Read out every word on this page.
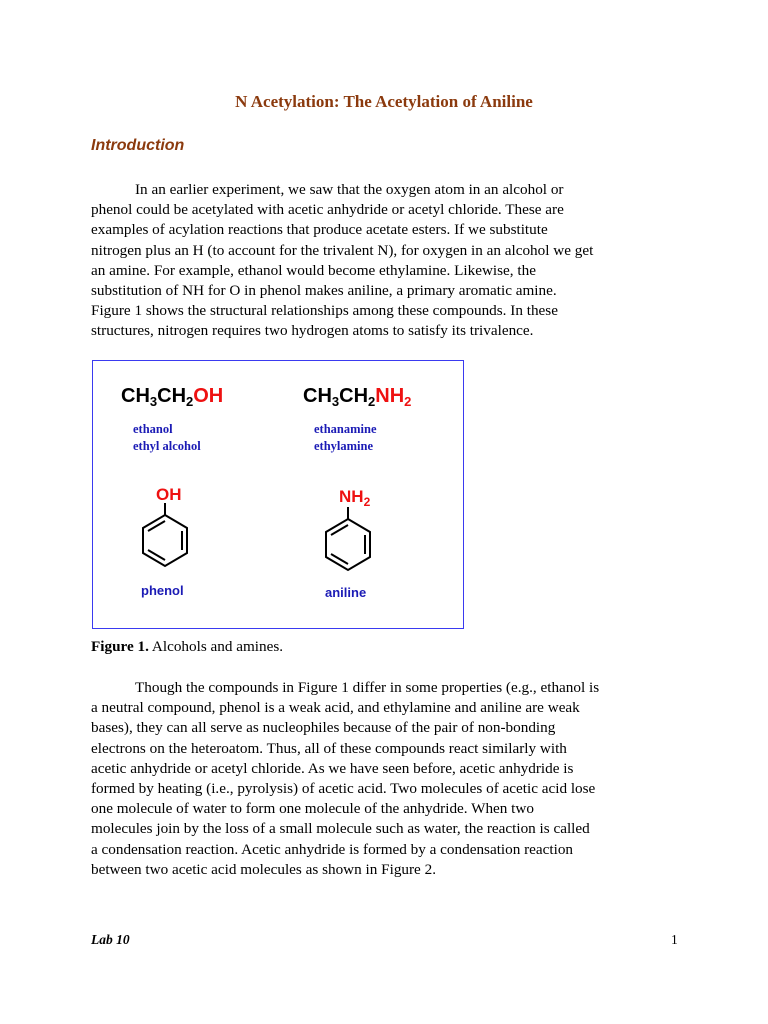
N Acetylation: The Acetylation of Aniline
Introduction

In an earlier experiment, we saw that the oxygen atom in an alcohol or

phenol could be acetylated with acetic anhydride or acetyl chloride. These are

examples of acylation reactions that produce acetate esters. If we substitute

nitrogen plus an H (to account for the trivalent N), for oxygen in an alcohol we get

an amine. For example, ethanol would become ethylamine. Likewise, the

substitution of NH for O in phenol makes aniline, a primary aromatic amine.

Figure 1 shows the structural relationships among these compounds. In these

structures, nitrogen requires two hydrogen atoms to satisfy its trivalence.

$CH_3CH_2OH$
ethanol
ethyl alcohol
$CH_3CH_2NH_2$
ethanamine
ethylamine
OH
phenol
$NH_2$
aniline
Figure 1. Alcohols and amines.

Though the compounds in Figure 1 differ in some properties (e.g., ethanol is

a neutral compound, phenol is a weak acid, and ethylamine and aniline are weak

bases), they can all serve as nucleophiles because of the pair of non-bonding

electrons on the heteroatom. Thus, all of these compounds react similarly with

acetic anhydride or acetyl chloride. As we have seen before, acetic anhydride is

formed by heating (i.e., pyrolysis) of acetic acid. Two molecules of acetic acid lose

one molecule of water to form one molecule of the anhydride. When two

molecules join by the loss of a small molecule such as water, the reaction is called

a condensation reaction. Acetic anhydride is formed by a condensation reaction

between two acetic acid molecules as shown in Figure 2.

Lab 10	1
